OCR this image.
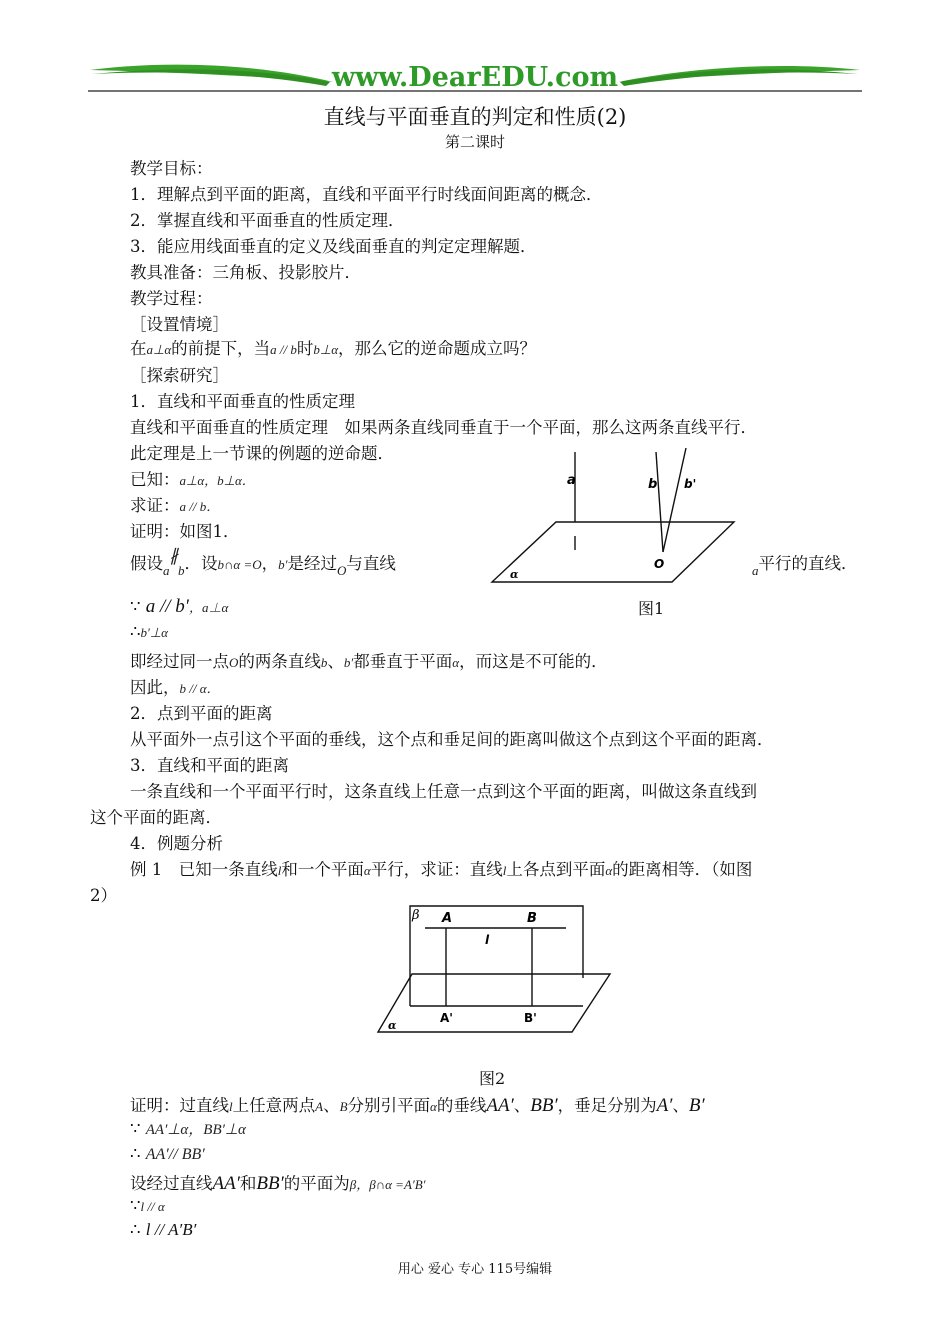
www.DearEDU.com
直线与平面垂直的判定和性质(2)
第二课时
教学目标：
1．理解点到平面的距离，直线和平面平行时线面间距离的概念．
2．掌握直线和平面垂直的性质定理．
3．能应用线面垂直的定义及线面垂直的判定定理解题．
教具准备：三角板、投影胶片．
教学过程：
［设置情境］
在a⊥α的前提下，当a // b时b⊥α，那么它的逆命题成立吗？
［探索研究］
1．直线和平面垂直的性质定理
直线和平面垂直的性质定理　如果两条直线同垂直于一个平面，那么这两条直线平行．
此定理是上一节课的例题的逆命题．
已知：a⊥α，b⊥α．
求证：a // b．
证明：如图1．
假设$_a∦_b$．设b∩α =O，b′是经过$_O$与直线	$_a$平行的直线．
∵ a // b′，a⊥α
∴b′⊥α
即经过同一点O的两条直线b、b′都垂直于平面α，而这是不可能的．
因此，b // α．
2．点到平面的距离
从平面外一点引这个平面的垂线，这个点和垂足间的距离叫做这个点到这个平面的距离．
3．直线和平面的距离
一条直线和一个平面平行时，这条直线上任意一点到这个平面的距离，叫做这条直线到
这个平面的距离．
4．例题分析
例 1　已知一条直线l和一个平面α平行，求证：直线l上各点到平面α的距离相等．（如图
2）
a	b b'
O
α
图1
β A	B
l
A'	B'
α
图2
证明：过直线l上任意两点A、B分别引平面α的垂线AA′、BB′，垂足分别为A′、B′
∵ AA′⊥α，BB′⊥α
∴ AA′// BB′
设经过直线AA′和BB′的平面为β，β∩α =A′B′
∵l // α
∴ l // A′B′
用心 爱心 专心 115号编辑
